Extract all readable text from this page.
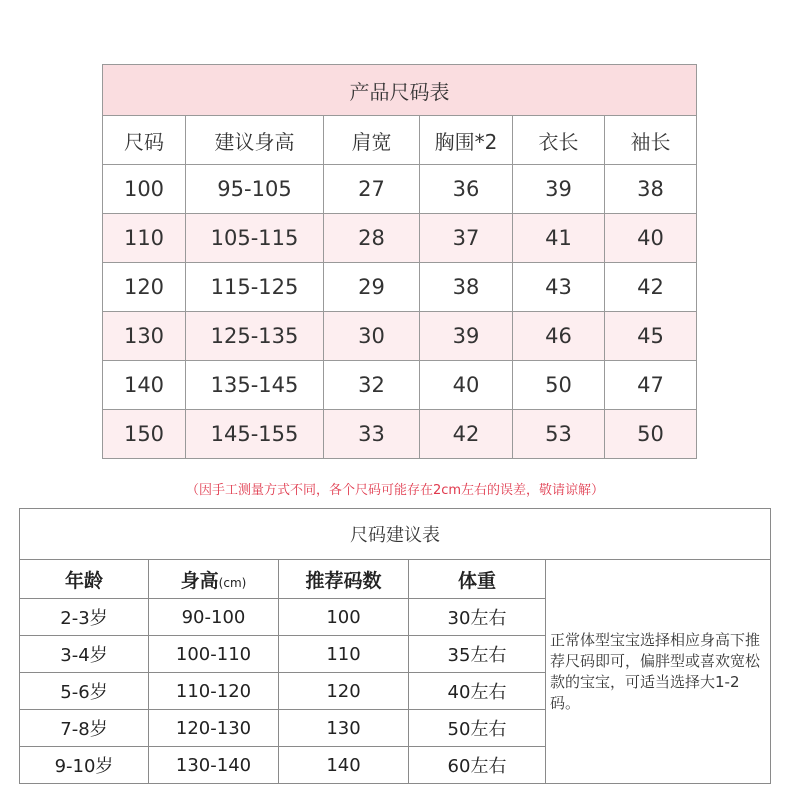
产品尺码表					
尺码	建议身高	肩宽	胸围*2	衣长	袖长
100	95-105	27	36	39	38
110	105-115	28	37	41	40
120	115-125	29	38	43	42
130	125-135	30	39	46	45
140	135-145	32	40	50	47
150	145-155	33	42	53	50
（因手工测量方式不同，各个尺码可能存在2cm左右的误差，敬请谅解）
尺码建议表				
年龄	身高(cm)	推荐码数	体重	正常体型宝宝选择相应身高下推荐尺码即可，偏胖型或喜欢宽松款的宝宝，可适当选择大1-2码。
2-3岁	90-100	100	30左右	
3-4岁	100-110	110	35左右	
5-6岁	110-120	120	40左右	
7-8岁	120-130	130	50左右	
9-10岁	130-140	140	60左右	
